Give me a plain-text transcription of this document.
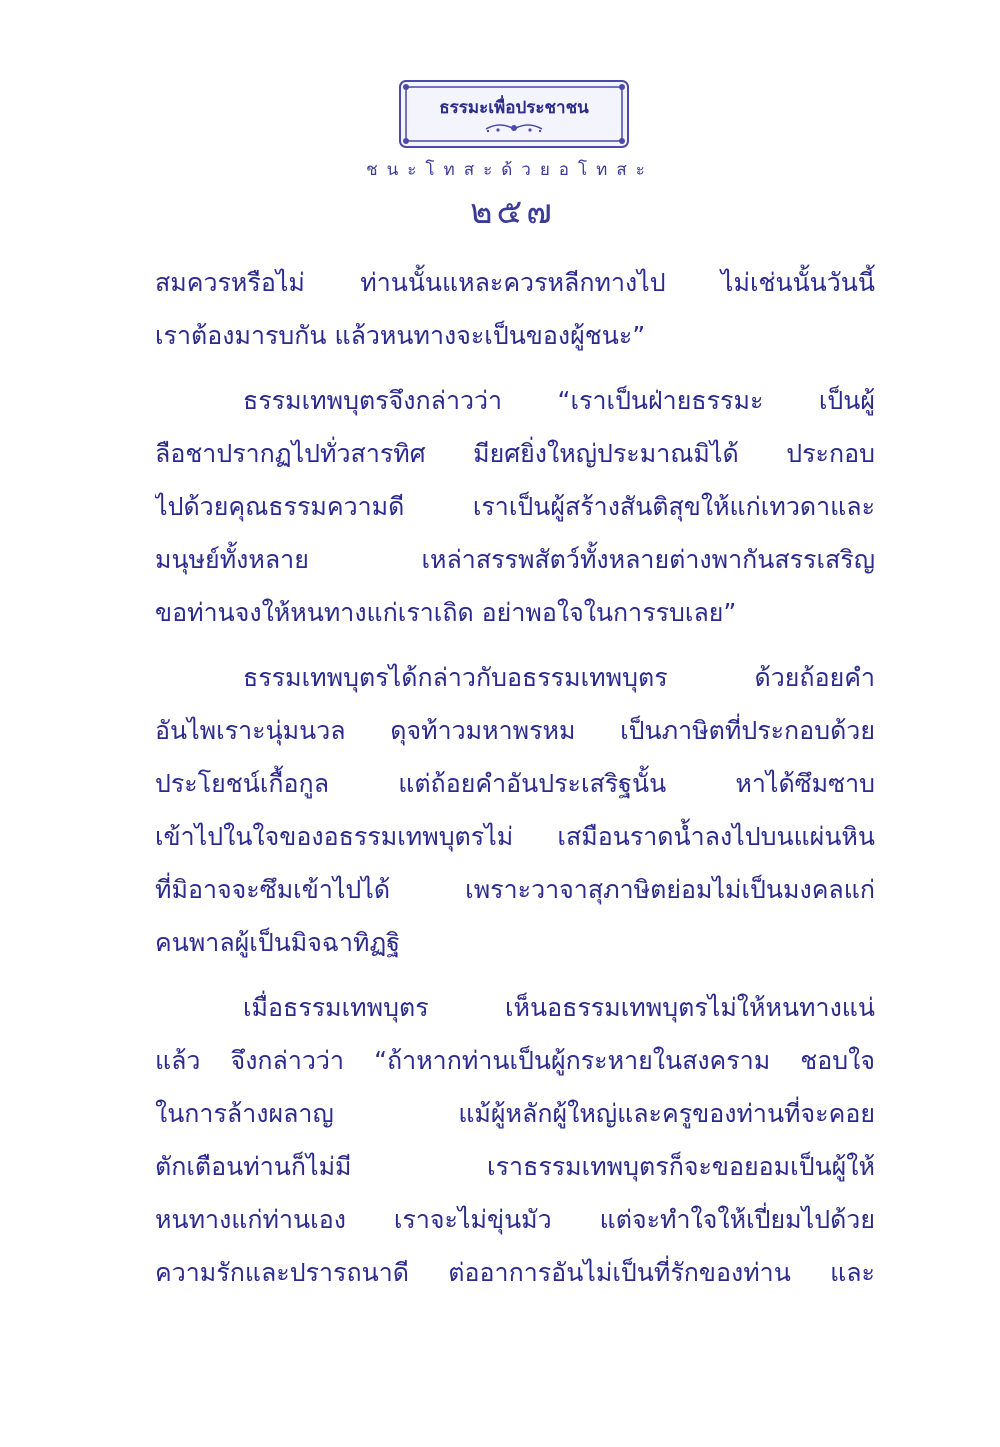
ธรรมะเพื่อประชาชน
ชนะโทสะด้วยอโทสะ
๒๕๗
สมควรหรือไม่ ท่านนั้นแหละควรหลีกทางไป ไม่เช่นนั้นวันนี้
เราต้องมารบกัน แล้วหนทางจะเป็นของผู้ชนะ”
ธรรมเทพบุตรจึงกล่าวว่า “เราเป็นฝ่ายธรรมะ เป็นผู้
ลือชาปรากฏไปทั่วสารทิศ มียศยิ่งใหญ่ประมาณมิได้ ประกอบ
ไปด้วยคุณธรรมความดี เราเป็นผู้สร้างสันติสุขให้แก่เทวดาและ
มนุษย์ทั้งหลาย เหล่าสรรพสัตว์ทั้งหลายต่างพากันสรรเสริญ
ขอท่านจงให้หนทางแก่เราเถิด อย่าพอใจในการรบเลย”
ธรรมเทพบุตรได้กล่าวกับอธรรมเทพบุตร ด้วยถ้อยคำ
อันไพเราะนุ่มนวล ดุจท้าวมหาพรหม เป็นภาษิตที่ประกอบด้วย
ประโยชน์เกื้อกูล แต่ถ้อยคำอันประเสริฐนั้น หาได้ซึมซาบ
เข้าไปในใจของอธรรมเทพบุตรไม่ เสมือนราดน้ำลงไปบนแผ่นหิน
ที่มิอาจจะซึมเข้าไปได้ เพราะวาจาสุภาษิตย่อมไม่เป็นมงคลแก่
คนพาลผู้เป็นมิจฉาทิฏฐิ
เมื่อธรรมเทพบุตร เห็นอธรรมเทพบุตรไม่ให้หนทางแน่
แล้ว จึงกล่าวว่า “ถ้าหากท่านเป็นผู้กระหายในสงคราม ชอบใจ
ในการล้างผลาญ แม้ผู้หลักผู้ใหญ่และครูของท่านที่จะคอย
ตักเตือนท่านก็ไม่มี เราธรรมเทพบุตรก็จะขอยอมเป็นผู้ให้
หนทางแก่ท่านเอง เราจะไม่ขุ่นมัว แต่จะทำใจให้เปี่ยมไปด้วย
ความรักและปรารถนาดี ต่ออาการอันไม่เป็นที่รักของท่าน และ
